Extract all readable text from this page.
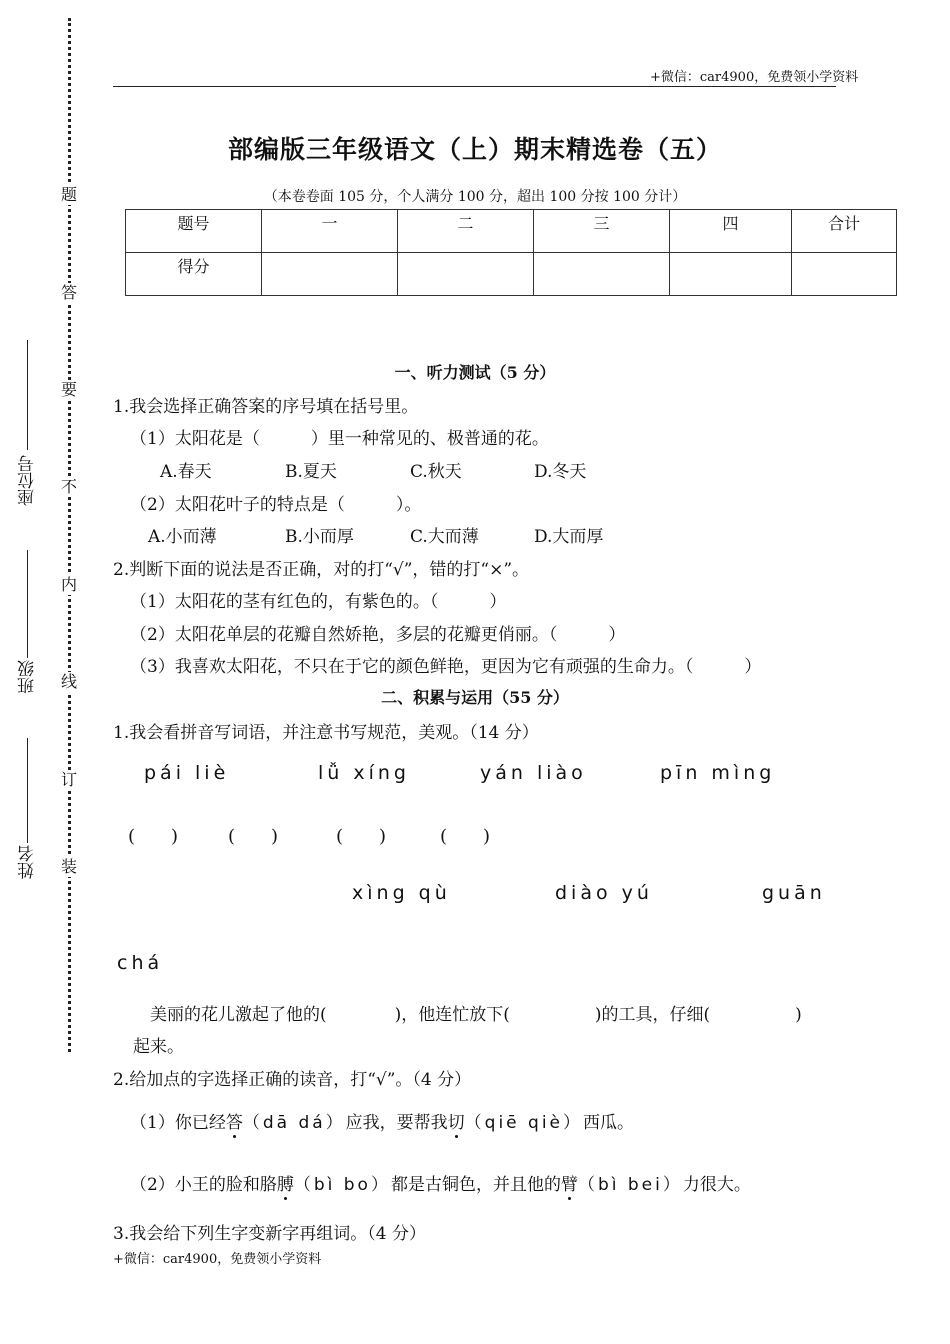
题
答
要
不
内
线
订
装
座位号
班级
姓名
+微信：car4900，免费领小学资料
部编版三年级语文（上）期末精选卷（五）
（本卷卷面 105 分，个人满分 100 分，超出 100 分按 100 分计）
题号	一	二	三	四	合计
得分					
一、听力测试（5 分）
1.我会选择正确答案的序号填在括号里。
（1）太阳花是（　　　）里一种常见的、极普通的花。
A.春天	B.夏天	C.秋天	D.冬天
（2）太阳花叶子的特点是（　　　）。
A.小而薄	B.小而厚	C.大而薄	D.大而厚
2.判断下面的说法是否正确，对的打“√”，错的打“×”。
（1）太阳花的茎有红色的，有紫色的。（　　　）
（2）太阳花单层的花瓣自然娇艳，多层的花瓣更俏丽。（　　　）
（3）我喜欢太阳花，不只在于它的颜色鲜艳，更因为它有顽强的生命力。（　　　）
二、积累与运用（55 分）
1.我会看拼音写词语，并注意书写规范，美观。（14 分）
pái liè	lǚ xíng	yán liào	pīn mìng
(　　)	(　　)	(　　)	(　　)
xìng qù	diào yú	guān
chá
美丽的花儿激起了他的(　　　　)，他连忙放下(　　　　　)的工具，仔细(　　　　　)
起来。
2.给加点的字选择正确的读音，打“√”。（4 分）
（1）你已经答（dā dá）应我，要帮我切（qiē qiè）西瓜。
（2）小王的脸和胳膊（bì bo）都是古铜色，并且他的臂（bì bei）力很大。
3.我会给下列生字变新字再组词。（4 分）
+微信：car4900，免费领小学资料
